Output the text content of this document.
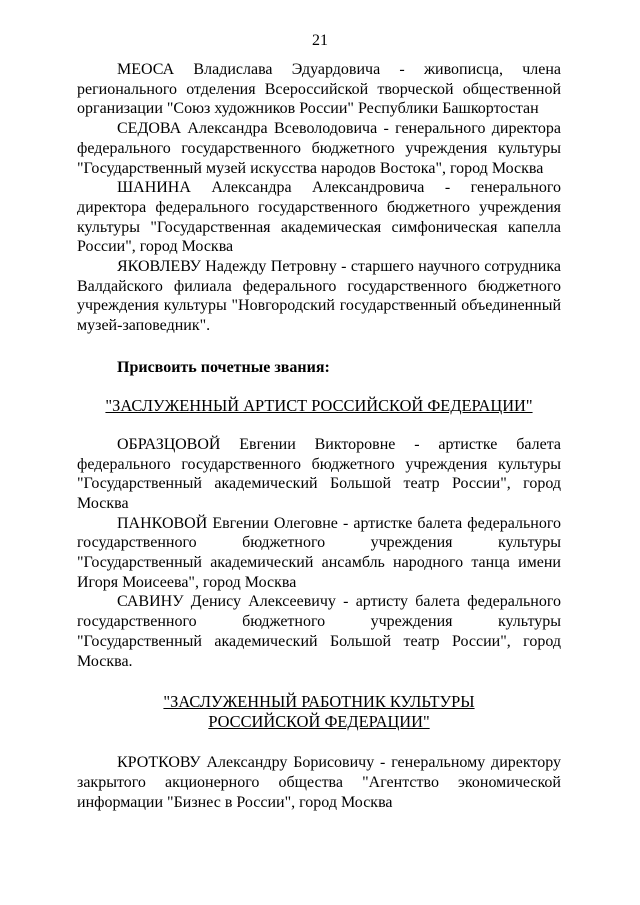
21

МЕОСА Владислава Эдуардовича - живописца, члена регионального отделения Всероссийской творческой общественной организации "Союз художников России" Республики Башкортостан

СЕДОВА Александра Всеволодовича - генерального директора федерального государственного бюджетного учреждения культуры "Государственный музей искусства народов Востока", город Москва

ШАНИНА Александра Александровича - генерального директора федерального государственного бюджетного учреждения культуры "Государственная академическая симфоническая капелла России", город Москва

ЯКОВЛЕВУ Надежду Петровну - старшего научного сотрудника Валдайского филиала федерального государственного бюджетного учреждения культуры "Новгородский государственный объединенный музей-заповедник".

Присвоить почетные звания:

"ЗАСЛУЖЕННЫЙ АРТИСТ РОССИЙСКОЙ ФЕДЕРАЦИИ"

ОБРАЗЦОВОЙ Евгении Викторовне - артистке балета федерального государственного бюджетного учреждения культуры "Государственный академический Большой театр России", город Москва

ПАНКОВОЙ Евгении Олеговне - артистке балета федерального государственного бюджетного учреждения культуры "Государственный академический ансамбль народного танца имени Игоря Моисеева", город Москва

САВИНУ Денису Алексеевичу - артисту балета федерального государственного бюджетного учреждения культуры "Государственный академический Большой театр России", город Москва.

"ЗАСЛУЖЕННЫЙ РАБОТНИК КУЛЬТУРЫ
РОССИЙСКОЙ ФЕДЕРАЦИИ"

КРОТКОВУ Александру Борисовичу - генеральному директору закрытого акционерного общества "Агентство экономической информации "Бизнес в России", город Москва
